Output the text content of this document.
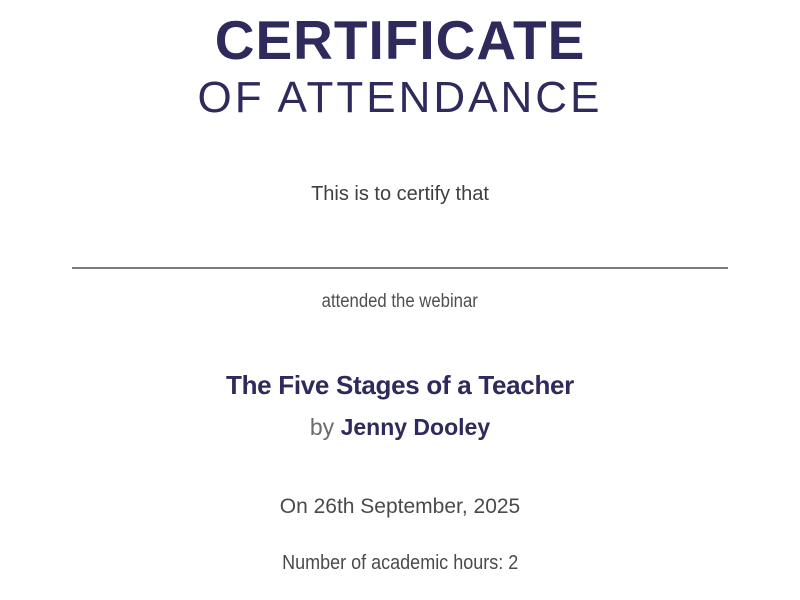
CERTIFICATE
OF ATTENDANCE
This is to certify that
attended the webinar
The Five Stages of a Teacher
by Jenny Dooley
On 26th September, 2025
Number of academic hours: 2
